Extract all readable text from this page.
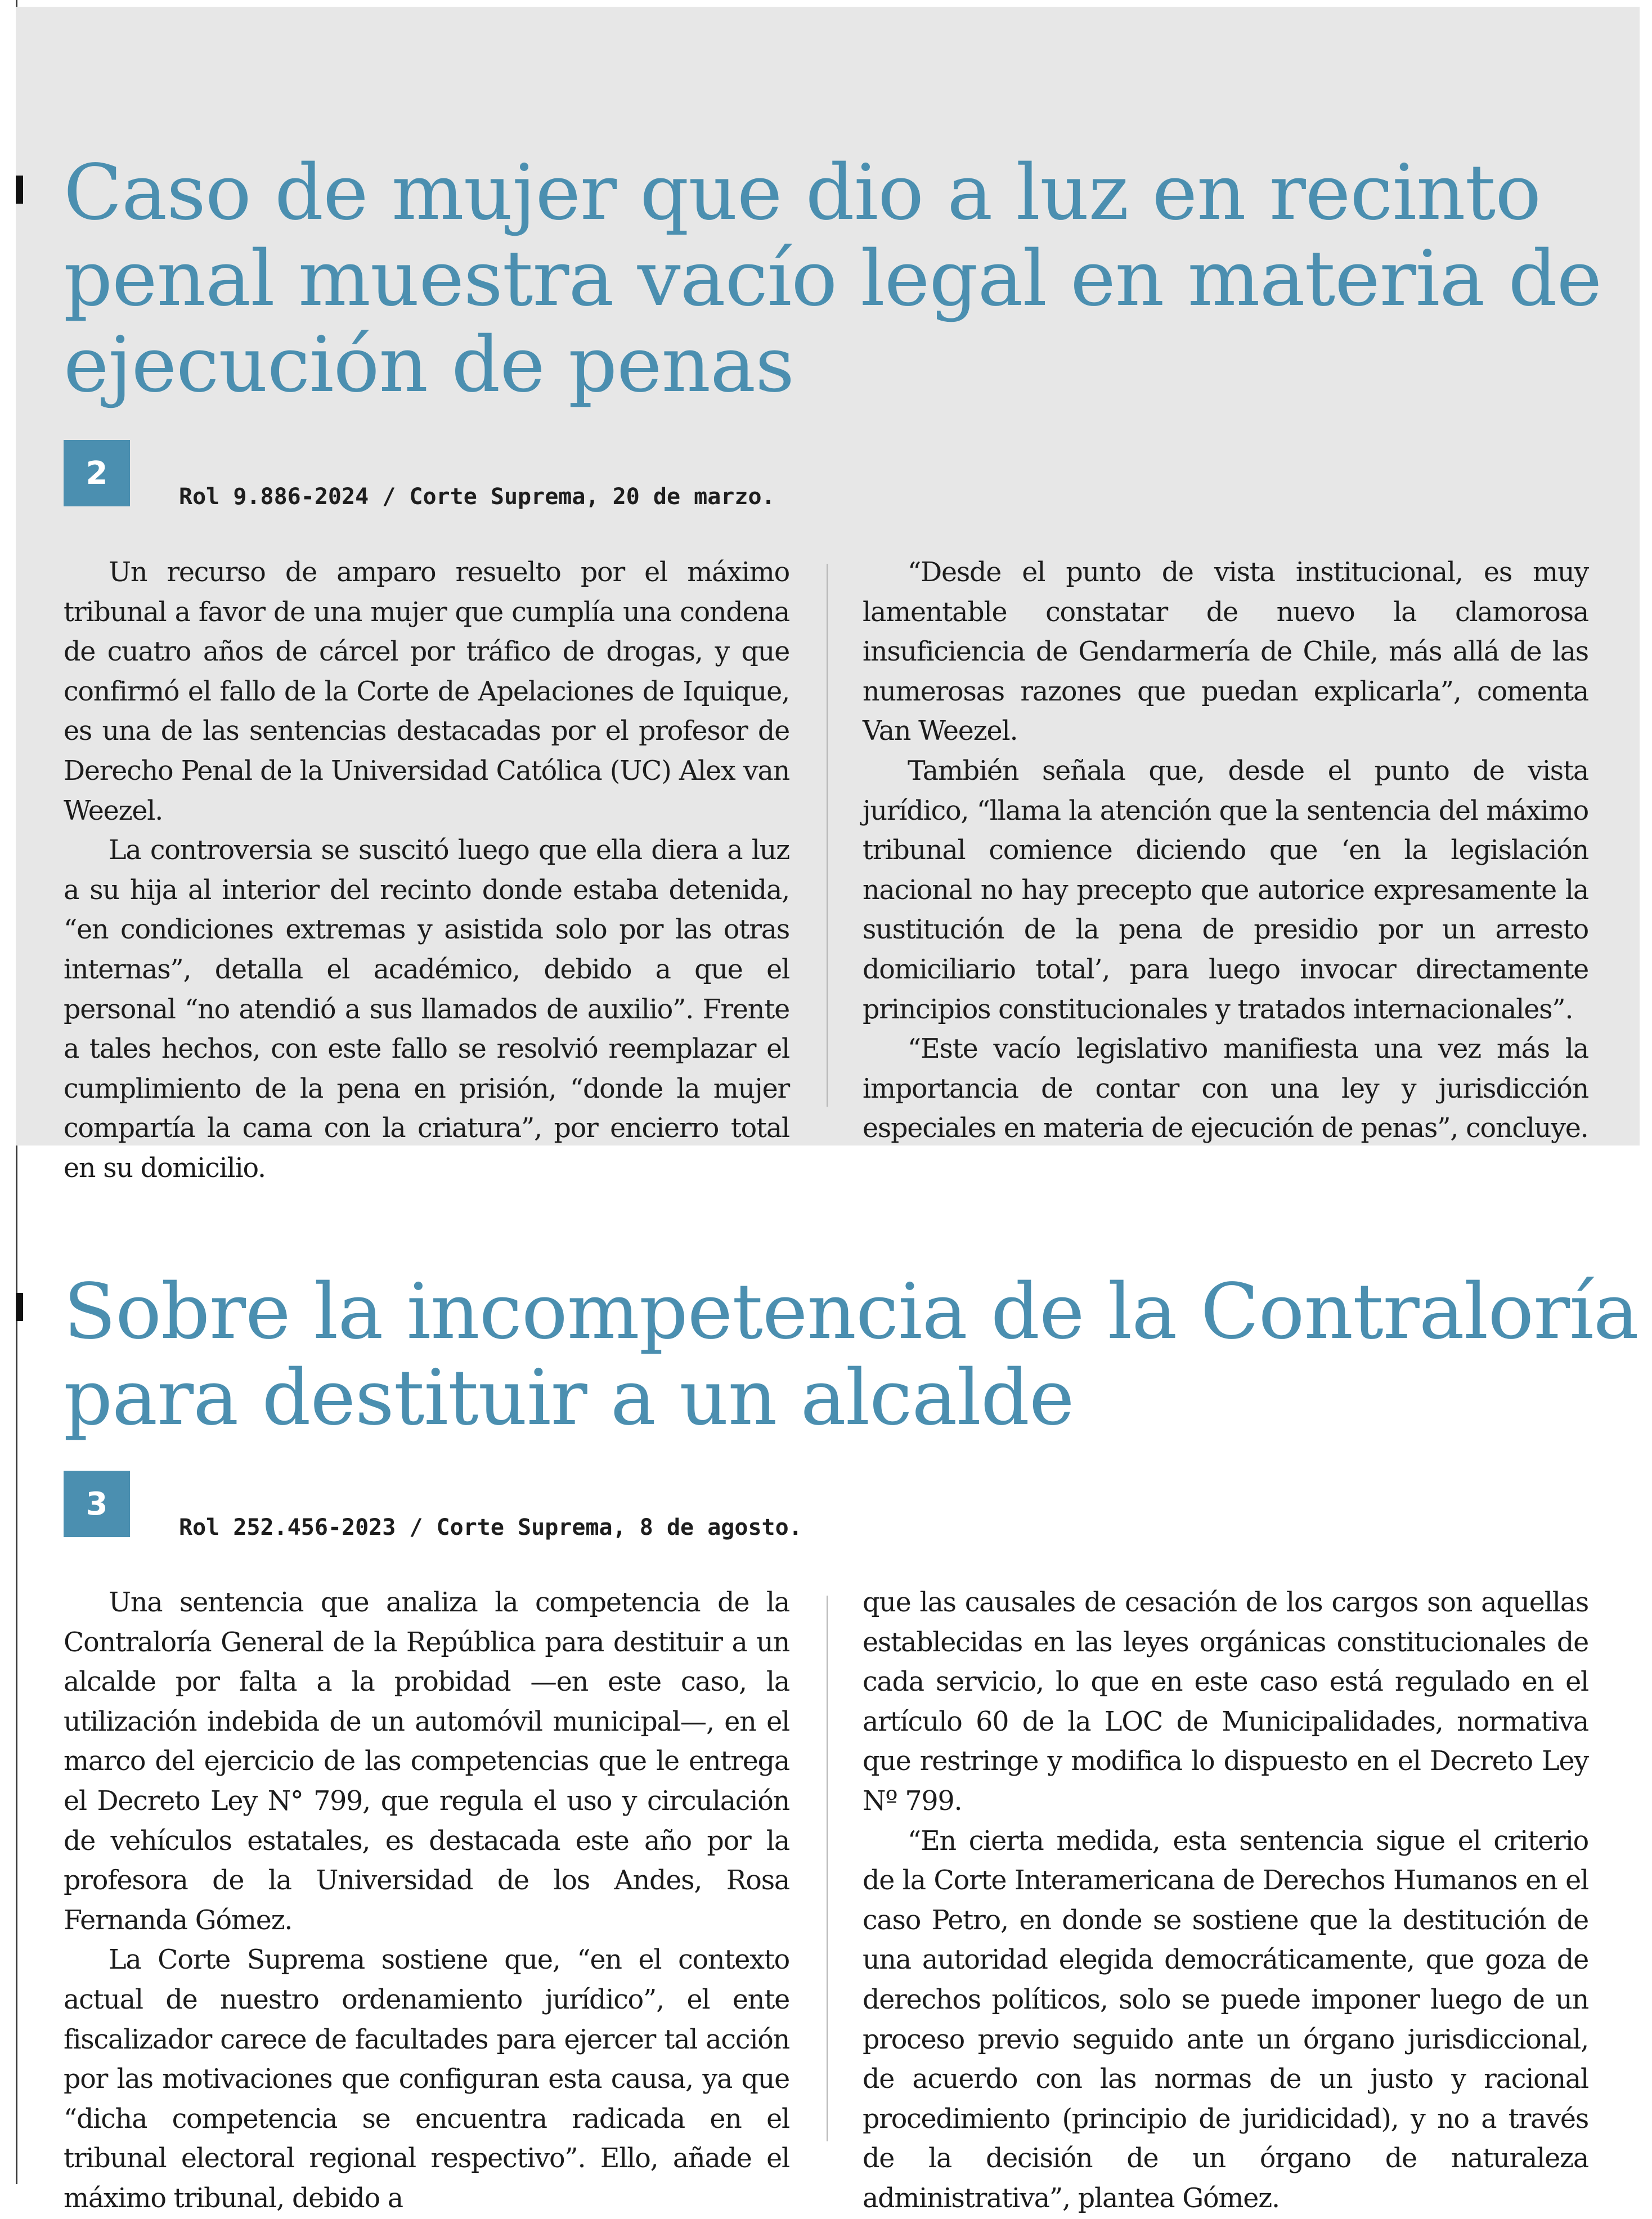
Caso de mujer que dio a luz en recinto
penal muestra vacío legal en materia de
ejecución de penas
2

Rol 9.886-2024 / Corte Suprema, 20 de marzo.

Un recurso de amparo resuelto por el máximo tribunal a favor de una mujer que cumplía una condena de cuatro años de cárcel por tráfico de drogas, y que confirmó el fallo de la Corte de Apelaciones de Iquique, es una de las sentencias destacadas por el profesor de Derecho Penal de la Universidad Católica (UC) Alex van Weezel.

La controversia se suscitó luego que ella diera a luz a su hija al interior del recinto donde estaba detenida, “en condiciones extremas y asistida solo por las otras internas”, detalla el académico, debido a que el personal “no atendió a sus llamados de auxilio”. Frente a tales hechos, con este fallo se resolvió reemplazar el cumplimiento de la pena en prisión, “donde la mujer compartía la cama con la criatura”, por encierro total en su domicilio.

“Desde el punto de vista institucional, es muy lamentable constatar de nuevo la clamorosa insuficiencia de Gendarmería de Chile, más allá de las numerosas razones que puedan explicarla”, comenta Van Weezel.

También señala que, desde el punto de vista jurídico, “llama la atención que la sentencia del máximo tribunal comience diciendo que ‘en la legislación nacional no hay precepto que autorice expresamente la sustitución de la pena de presidio por un arresto domiciliario total’, para luego invocar directamente principios constitucionales y tratados internacionales”.

“Este vacío legislativo manifiesta una vez más la importancia de contar con una ley y jurisdicción especiales en materia de ejecución de penas”, concluye.

Sobre la incompetencia de la Contraloría
para destituir a un alcalde
3

Rol 252.456-2023 / Corte Suprema, 8 de agosto.

Una sentencia que analiza la competencia de la Contraloría General de la República para destituir a un alcalde por falta a la probidad —en este caso, la utilización indebida de un automóvil municipal—, en el marco del ejercicio de las competencias que le entrega el Decreto Ley N° 799, que regula el uso y circulación de vehículos estatales, es destacada este año por la profesora de la Universidad de los Andes, Rosa Fernanda Gómez.

La Corte Suprema sostiene que, “en el contexto actual de nuestro ordenamiento jurídico”, el ente fiscalizador carece de facultades para ejercer tal acción por las motivaciones que configuran esta causa, ya que “dicha competencia se encuentra radicada en el tribunal electoral regional respectivo”. Ello, añade el máximo tribunal, debido a

que las causales de cesación de los cargos son aquellas establecidas en las leyes orgánicas constitucionales de cada servicio, lo que en este caso está regulado en el artículo 60 de la LOC de Municipalidades, normativa que restringe y modifica lo dispuesto en el Decreto Ley Nº 799.

“En cierta medida, esta sentencia sigue el criterio de la Corte Interamericana de Derechos Humanos en el caso Petro, en donde se sostiene que la destitución de una autoridad elegida democráticamente, que goza de derechos políticos, solo se puede imponer luego de un proceso previo seguido ante un órgano jurisdiccional, de acuerdo con las normas de un justo y racional procedimiento (principio de juridicidad), y no a través de la decisión de un órgano de naturaleza administrativa”, plantea Gómez.
